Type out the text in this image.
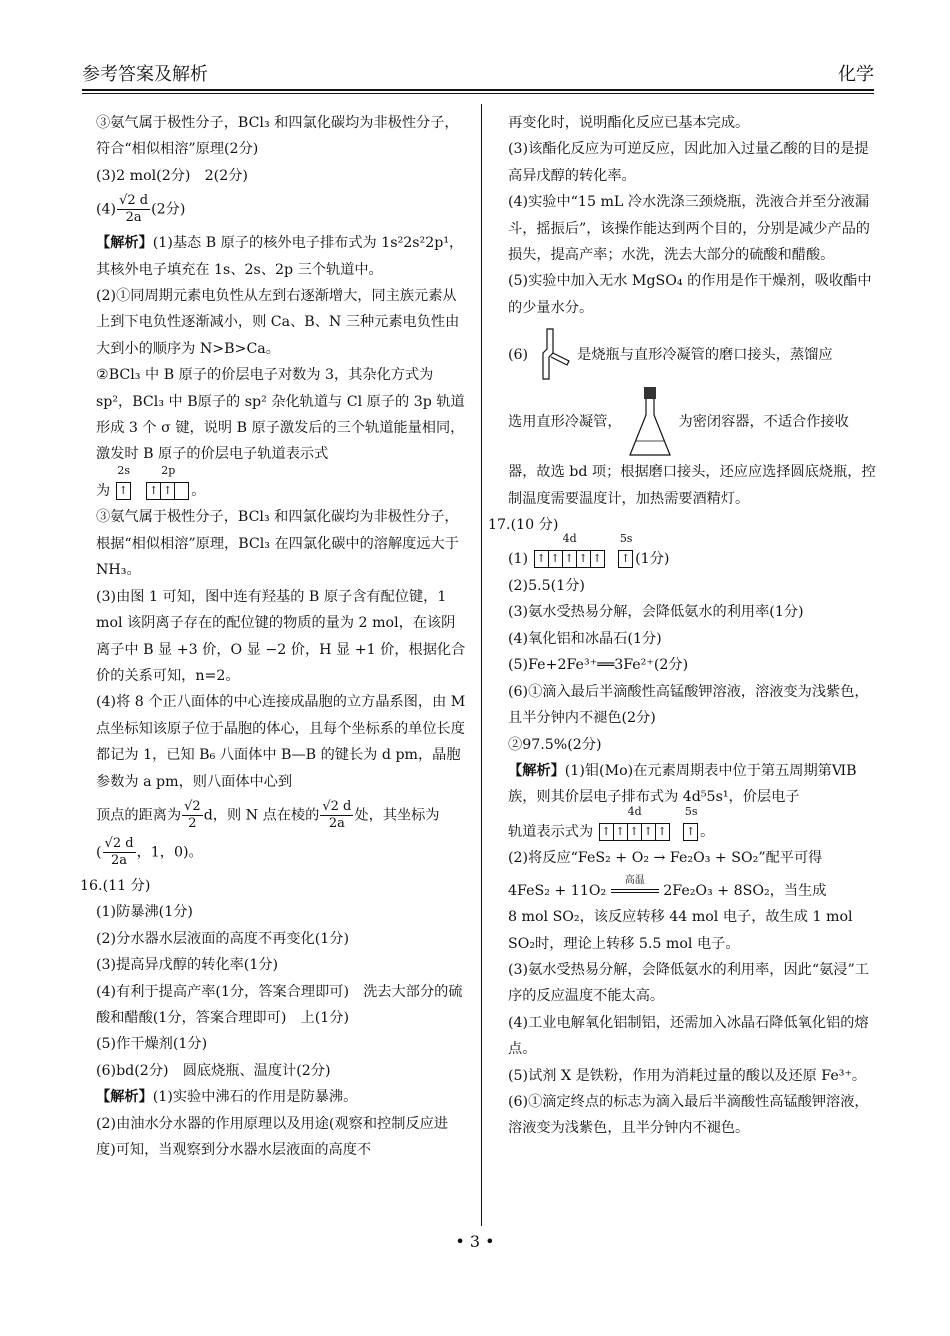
参考答案及解析	化学

③氨气属于极性分子，BCl₃ 和四氯化碳均为非极性分子，符合“相似相溶”原理(2分)

(3)2 mol(2分)　2(2分)

$(4) \frac{√2 d}{2a} (2$分)

【解析】(1)基态 B 原子的核外电子排布式为 1s²2s²2p¹，其核外电子填充在 1s、2s、2p 三个轨道中。

(2)①同周期元素电负性从左到右逐渐增大，同主族元素从上到下电负性逐渐减小，则 Ca、B、N 三种元素电负性由大到小的顺序为 N>B>Ca。

②BCl₃ 中 B 原子的价层电子对数为 3，其杂化方式为 sp²，BCl₃ 中 B原子的 sp² 杂化轨道与 Cl 原子的 3p 轨道形成 3 个 σ 键，说明 B 原子激发后的三个轨道能量相同，激发时 B 原子的价层电子轨道表示式

为
2s
↑
2p
↑ ↑ 。

③氨气属于极性分子，BCl₃ 和四氯化碳均为非极性分子，根据“相似相溶”原理，BCl₃ 在四氯化碳中的溶解度远大于 NH₃。

(3)由图 1 可知，图中连有羟基的 B 原子含有配位键，1 mol 该阴离子存在的配位键的物质的量为 2 mol，在该阴离子中 B 显 +3 价，O 显 −2 价，H 显 +1 价，根据化合价的关系可知，n=2。

(4)将 8 个正八面体的中心连接成晶胞的立方晶系图，由 M 点坐标知该原子位于晶胞的体心，且每个坐标系的单位长度都记为 1，已知 B₆ 八面体中 B—B 的键长为 d pm，晶胞参数为 a pm，则八面体中心到

顶点的距离为 $\frac{√2}{2}$ d，则 N 点在棱的 $\frac{√2 d}{2a}$ 处，其坐标为

( $\frac{√2 d}{2a}$ ，1，0)。

16.(11 分)

(1)防暴沸(1分)

(2)分水器水层液面的高度不再变化(1分)

(3)提高异戊醇的转化率(1分)

(4)有利于提高产率(1分，答案合理即可)　洗去大部分的硫酸和醋酸(1分，答案合理即可)　上(1分)

(5)作干燥剂(1分)

(6)bd(2分)　圆底烧瓶、温度计(2分)

【解析】(1)实验中沸石的作用是防暴沸。

(2)由油水分水器的作用原理以及用途(观察和控制反应进度)可知，当观察到分水器水层液面的高度不

再变化时，说明酯化反应已基本完成。

(3)该酯化反应为可逆反应，因此加入过量乙酸的目的是提高异戊醇的转化率。

(4)实验中“15 mL 冷水洗涤三颈烧瓶，洗液合并至分液漏斗，摇振后”，该操作能达到两个目的，分别是减少产品的损失，提高产率；水洗，洗去大部分的硫酸和醋酸。

(5)实验中加入无水 MgSO₄ 的作用是作干燥剂，吸收酯中的少量水分。

(6)	是烧瓶与直形冷凝管的磨口接头，蒸馏应

选用直形冷凝管，	为密闭容器，不适合作接收

器，故选 bd 项；根据磨口接头，还应应选择圆底烧瓶，控制温度需要温度计，加热需要酒精灯。

17.(10 分)

(1)
4d
↑ ↑ ↑ ↑ ↑
5s
↑ (1分)

(2)5.5(1分)

(3)氨水受热易分解，会降低氨水的利用率(1分)

(4)氧化铝和冰晶石(1分)

(5)Fe+2Fe³⁺══3Fe²⁺(2分)

(6)①滴入最后半滴酸性高锰酸钾溶液，溶液变为浅紫色，且半分钟内不褪色(2分)

②97.5%(2分)

【解析】(1)钼(Mo)在元素周期表中位于第五周期第ⅥB 族，则其价层电子排布式为 4d⁵5s¹，价层电子

轨道表示式为
4d
↑ ↑ ↑ ↑ ↑
5s
↑ 。

(2)将反应“FeS₂ + O₂ → Fe₂O₃ + SO₂”配平可得

4FeS₂ + 11O₂
高温
2Fe₂O₃ + 8SO₂，当生成

8 mol SO₂，该反应转移 44 mol 电子，故生成 1 mol SO₂时，理论上转移 5.5 mol 电子。

(3)氨水受热易分解，会降低氨水的利用率，因此“氨浸”工序的反应温度不能太高。

(4)工业电解氧化铝制铝，还需加入冰晶石降低氧化铝的熔点。

(5)试剂 X 是铁粉，作用为消耗过量的酸以及还原 Fe³⁺。

(6)①滴定终点的标志为滴入最后半滴酸性高锰酸钾溶液，溶液变为浅紫色，且半分钟内不褪色。

• 3 •
